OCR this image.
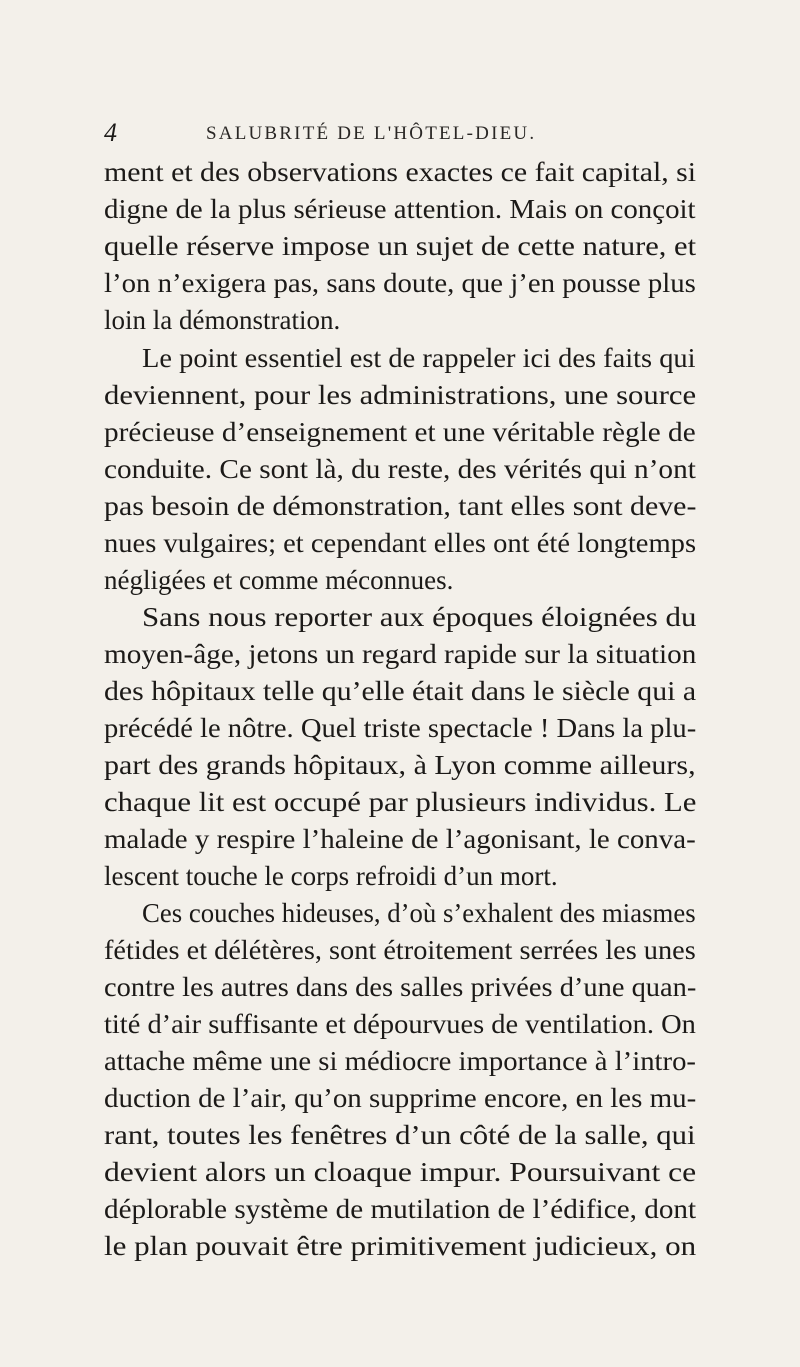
4	SALUBRITÉ DE L'HÔTEL-DIEU.
ment et des observations exactes ce fait capital, si
digne de la plus sérieuse attention. Mais on conçoit
quelle réserve impose un sujet de cette nature, et
l’on n’exigera pas, sans doute, que j’en pousse plus
loin la démonstration.
Le point essentiel est de rappeler ici des faits qui
deviennent, pour les administrations, une source
précieuse d’enseignement et une véritable règle de
conduite. Ce sont là, du reste, des vérités qui n’ont
pas besoin de démonstration, tant elles sont deve-
nues vulgaires; et cependant elles ont été longtemps
négligées et comme méconnues.
Sans nous reporter aux époques éloignées du
moyen-âge, jetons un regard rapide sur la situation
des hôpitaux telle qu’elle était dans le siècle qui a
précédé le nôtre. Quel triste spectacle ! Dans la plu-
part des grands hôpitaux, à Lyon comme ailleurs,
chaque lit est occupé par plusieurs individus. Le
malade y respire l’haleine de l’agonisant, le conva-
lescent touche le corps refroidi d’un mort.
Ces couches hideuses, d’où s’exhalent des miasmes
fétides et délétères, sont étroitement serrées les unes
contre les autres dans des salles privées d’une quan-
tité d’air suffisante et dépourvues de ventilation. On
attache même une si médiocre importance à l’intro-
duction de l’air, qu’on supprime encore, en les mu-
rant, toutes les fenêtres d’un côté de la salle, qui
devient alors un cloaque impur. Poursuivant ce
déplorable système de mutilation de l’édifice, dont
le plan pouvait être primitivement judicieux, on
